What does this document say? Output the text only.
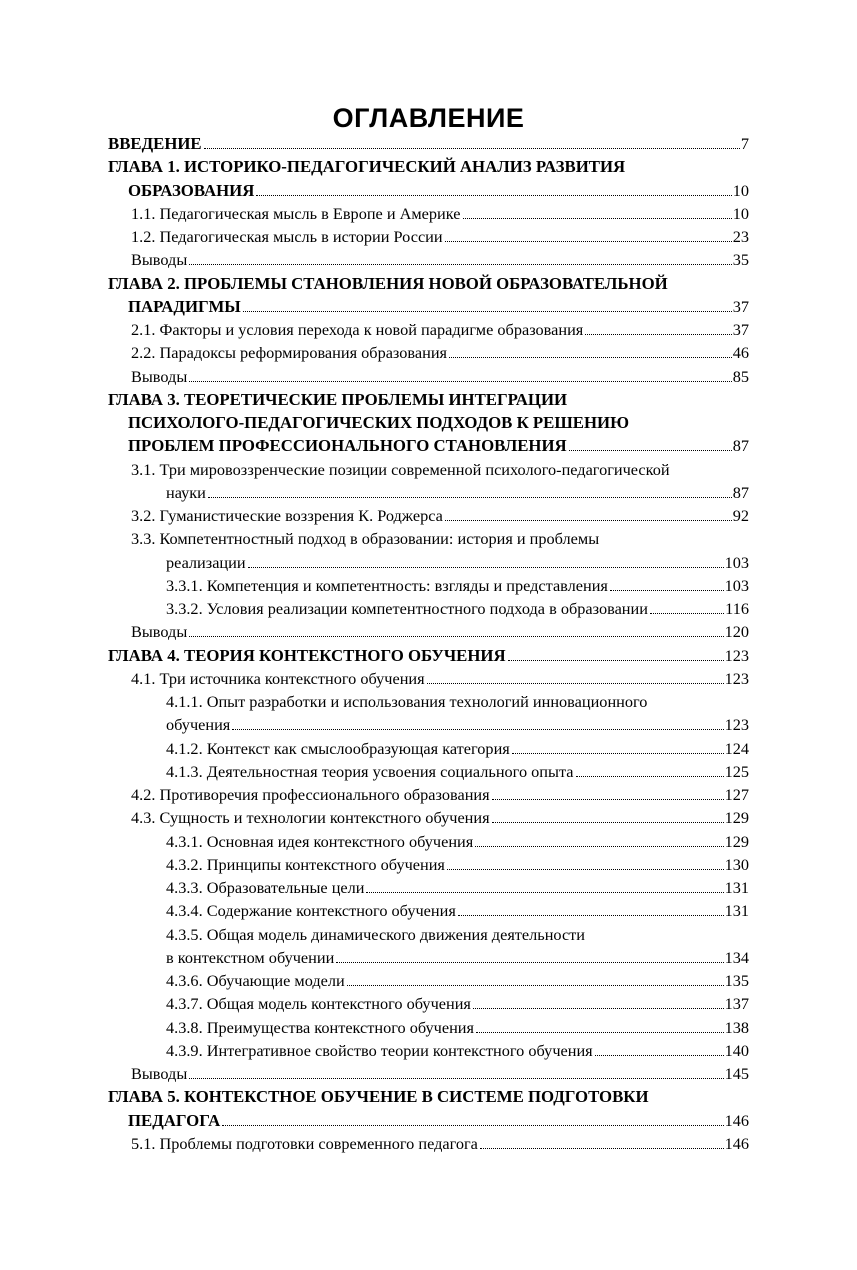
ОГЛАВЛЕНИЕ
ВВЕДЕНИЕ	7
ГЛАВА 1. ИСТОРИКО-ПЕДАГОГИЧЕСКИЙ АНАЛИЗ РАЗВИТИЯ
ОБРАЗОВАНИЯ	10
1.1. Педагогическая мысль в Европе и Америке	10
1.2. Педагогическая мысль в истории России	23
Выводы	35
ГЛАВА 2. ПРОБЛЕМЫ СТАНОВЛЕНИЯ НОВОЙ ОБРАЗОВАТЕЛЬНОЙ
ПАРАДИГМЫ	37
2.1. Факторы и условия перехода к новой парадигме образования	37
2.2. Парадоксы реформирования образования	46
Выводы	85
ГЛАВА 3. ТЕОРЕТИЧЕСКИЕ ПРОБЛЕМЫ ИНТЕГРАЦИИ
ПСИХОЛОГО-ПЕДАГОГИЧЕСКИХ ПОДХОДОВ К РЕШЕНИЮ
ПРОБЛЕМ ПРОФЕССИОНАЛЬНОГО СТАНОВЛЕНИЯ	87
3.1. Три мировоззренческие позиции современной психолого-педагогической
науки	87
3.2. Гуманистические воззрения К. Роджерса	92
3.3. Компетентностный подход в образовании: история и проблемы
реализации	103
3.3.1. Компетенция и компетентность: взгляды и представления	103
3.3.2. Условия реализации компетентностного подхода в образовании	116
Выводы	120
ГЛАВА 4. ТЕОРИЯ КОНТЕКСТНОГО ОБУЧЕНИЯ	123
4.1. Три источника контекстного обучения	123
4.1.1. Опыт разработки и использования технологий инновационного
обучения	123
4.1.2. Контекст как смыслообразующая категория	124
4.1.3. Деятельностная теория усвоения социального опыта	125
4.2. Противоречия профессионального образования	127
4.3. Сущность и технологии контекстного обучения	129
4.3.1. Основная идея контекстного обучения	129
4.3.2. Принципы контекстного обучения	130
4.3.3. Образовательные цели	131
4.3.4. Содержание контекстного обучения	131
4.3.5. Общая модель динамического движения деятельности
в контекстном обучении	134
4.3.6. Обучающие модели	135
4.3.7. Общая модель контекстного обучения	137
4.3.8. Преимущества контекстного обучения	138
4.3.9. Интегративное свойство теории контекстного обучения	140
Выводы	145
ГЛАВА 5. КОНТЕКСТНОЕ ОБУЧЕНИЕ В СИСТЕМЕ ПОДГОТОВКИ
ПЕДАГОГА	146
5.1. Проблемы подготовки современного педагога	146
